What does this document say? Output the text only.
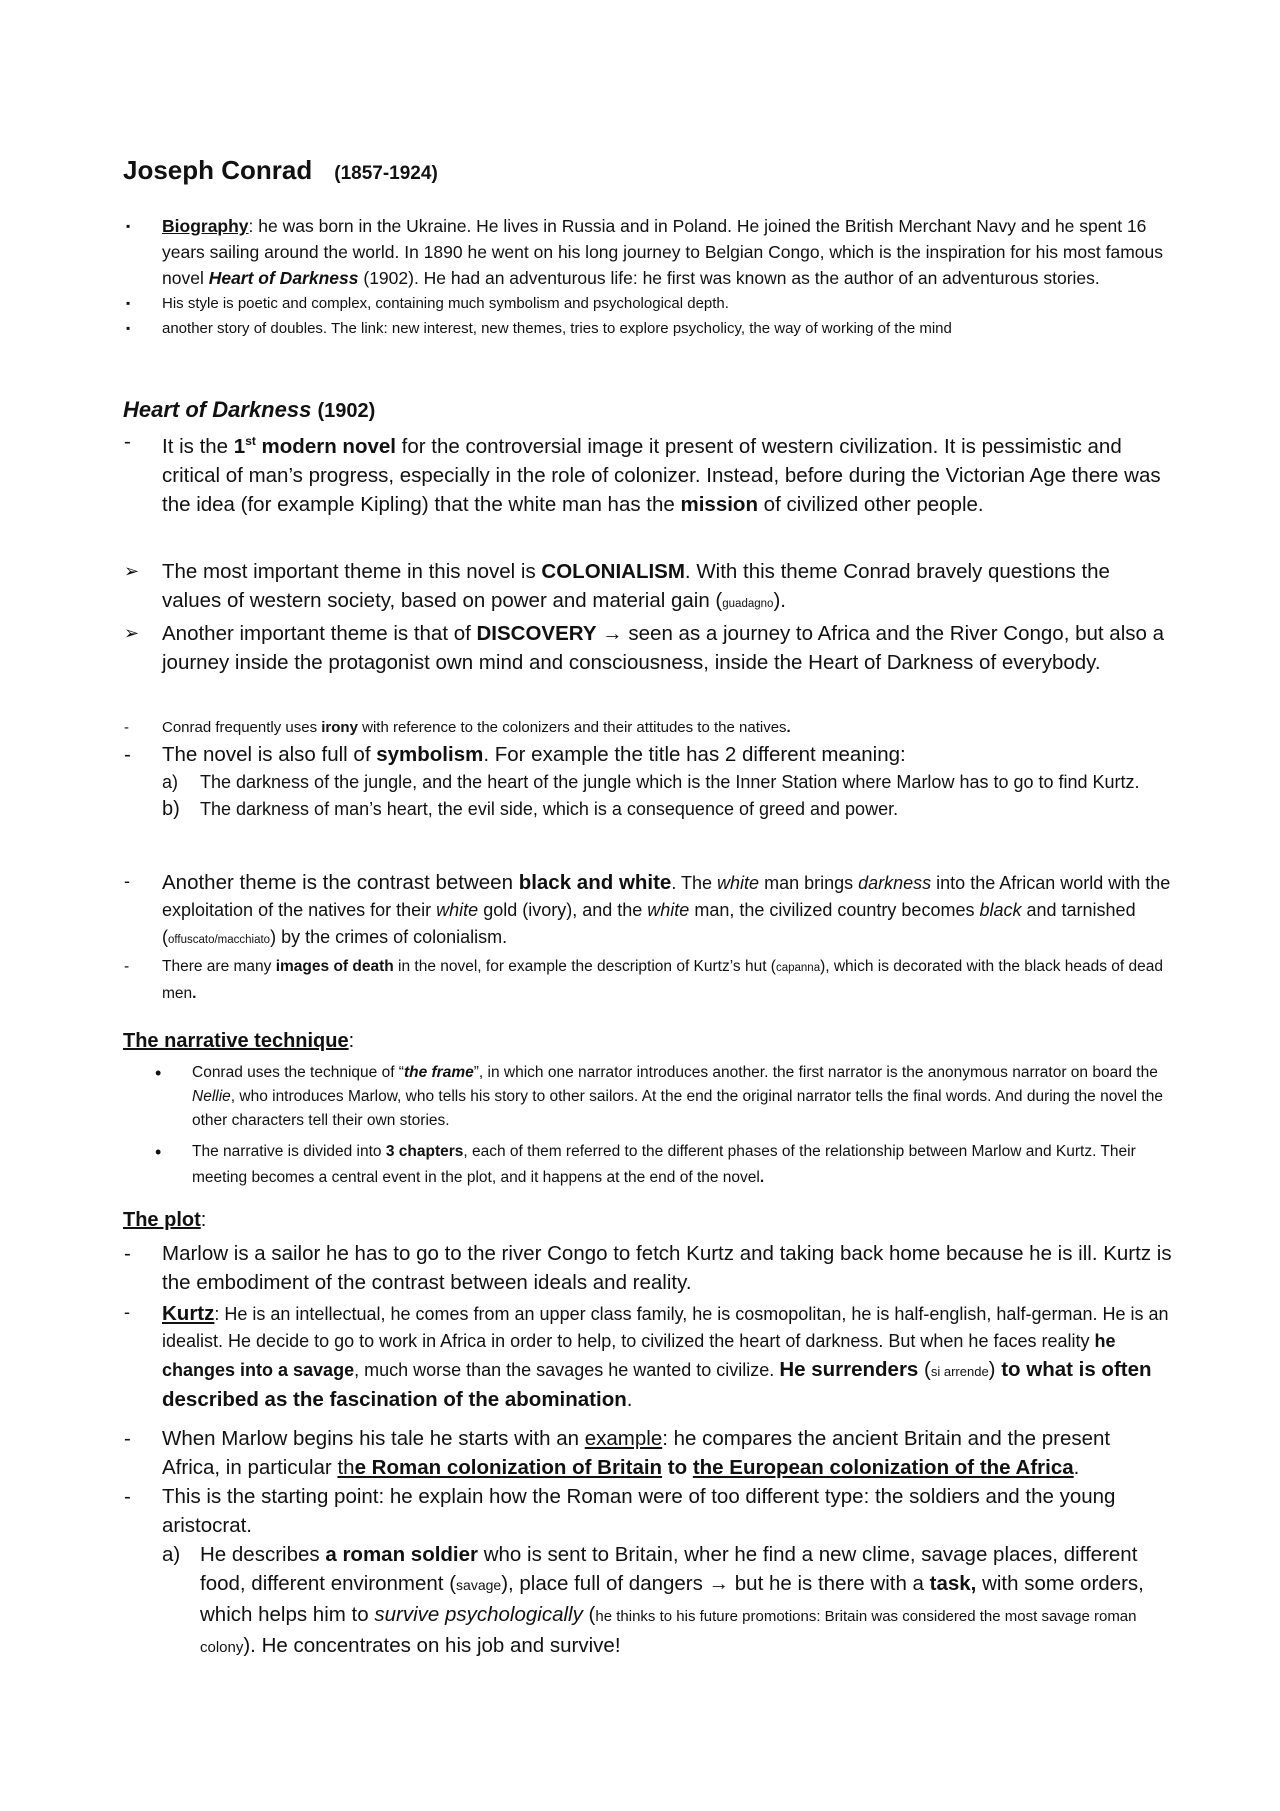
Joseph Conrad (1857-1924)
▪ Biography: he was born in the Ukraine. He lives in Russia and in Poland. He joined the British Merchant Navy and he spent 16 years sailing around the world. In 1890 he went on his long journey to Belgian Congo, which is the inspiration for his most famous novel Heart of Darkness (1902). He had an adventurous life: he first was known as the author of an adventurous stories.
▪ His style is poetic and complex, containing much symbolism and psychological depth.
▪ another story of doubles. The link: new interest, new themes, tries to explore psycholicy, the way of working of the mind
Heart of Darkness (1902)
- It is the 1st modern novel for the controversial image it present of western civilization. It is pessimistic and critical of man’s progress, especially in the role of colonizer. Instead, before during the Victorian Age there was the idea (for example Kipling) that the white man has the mission of civilized other people.
➢ The most important theme in this novel is COLONIALISM. With this theme Conrad bravely questions the values of western society, based on power and material gain (guadagno).
➢ Another important theme is that of DISCOVERY → seen as a journey to Africa and the River Congo, but also a journey inside the protagonist own mind and consciousness, inside the Heart of Darkness of everybody.
- Conrad frequently uses irony with reference to the colonizers and their attitudes to the natives.
- The novel is also full of symbolism. For example the title has 2 different meaning:
a) The darkness of the jungle, and the heart of the jungle which is the Inner Station where Marlow has to go to find Kurtz.
b) The darkness of man’s heart, the evil side, which is a consequence of greed and power.
- Another theme is the contrast between black and white. The white man brings darkness into the African world with the exploitation of the natives for their white gold (ivory), and the white man, the civilized country becomes black and tarnished (offuscato/macchiato) by the crimes of colonialism.
- There are many images of death in the novel, for example the description of Kurtz’s hut (capanna), which is decorated with the black heads of dead men.
The narrative technique:
• Conrad uses the technique of “the frame”, in which one narrator introduces another. the first narrator is the anonymous narrator on board the Nellie, who introduces Marlow, who tells his story to other sailors. At the end the original narrator tells the final words. And during the novel the other characters tell their own stories.
• The narrative is divided into 3 chapters, each of them referred to the different phases of the relationship between Marlow and Kurtz. Their meeting becomes a central event in the plot, and it happens at the end of the novel.
The plot:
- Marlow is a sailor he has to go to the river Congo to fetch Kurtz and taking back home because he is ill. Kurtz is the embodiment of the contrast between ideals and reality.
- Kurtz: He is an intellectual, he comes from an upper class family, he is cosmopolitan, he is half-english, half-german. He is an idealist. He decide to go to work in Africa in order to help, to civilized the heart of darkness. But when he faces reality he changes into a savage, much worse than the savages he wanted to civilize. He surrenders (si arrende) to what is often described as the fascination of the abomination.
- When Marlow begins his tale he starts with an example: he compares the ancient Britain and the present Africa, in particular the Roman colonization of Britain to the European colonization of the Africa.
- This is the starting point: he explain how the Roman were of too different type: the soldiers and the young aristocrat.
a) He describes a roman soldier who is sent to Britain, wher he find a new clime, savage places, different food, different environment (savage), place full of dangers → but he is there with a task, with some orders, which helps him to survive psychologically (he thinks to his future promotions: Britain was considered the most savage roman colony). He concentrates on his job and survive!
